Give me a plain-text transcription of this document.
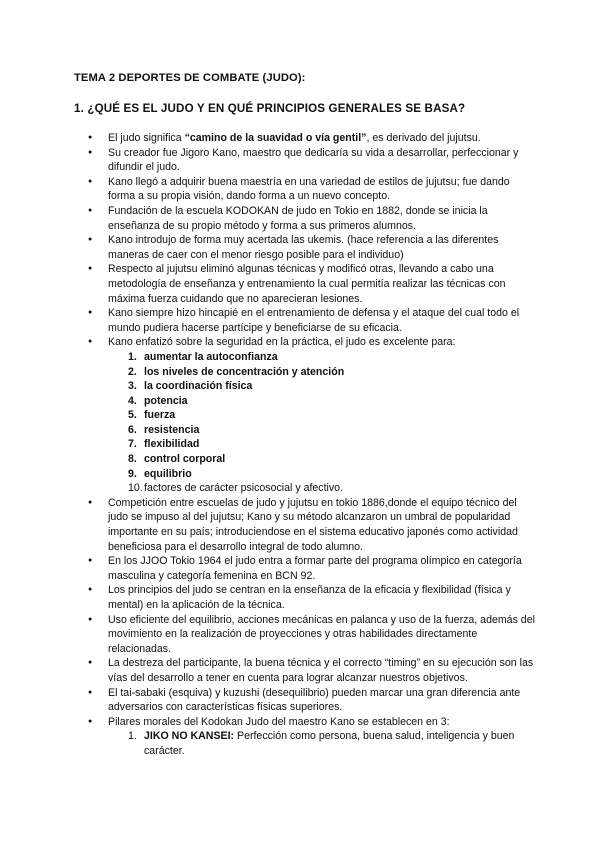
TEMA 2 DEPORTES DE COMBATE (JUDO):

1. ¿QUÉ ES EL JUDO Y EN QUÉ PRINCIPIOS GENERALES SE BASA?

● El judo significa “camino de la suavidad o vía gentil”, es derivado del jujutsu.
● Su creador fue Jigoro Kano, maestro que dedicaría su vida a desarrollar, perfeccionar y difundir el judo.
● Kano llegó a adquirir buena maestría en una variedad de estilos de jujutsu; fue dando forma a su propia visión, dando forma a un nuevo concepto.
● Fundación de la escuela KODOKAN de judo en Tokio en 1882, donde se inicia la enseñanza de su propio método y forma a sus primeros alumnos.
● Kano introdujo de forma muy acertada las ukemis. (hace referencia a las diferentes maneras de caer con el menor riesgo posible para el individuo)
● Respecto al jujutsu eliminó algunas técnicas y modificó otras, llevando a cabo una metodología de enseñanza y entrenamiento la cual permitía realizar las técnicas con máxima fuerza cuidando que no aparecieran lesiones.
● Kano siempre hizo hincapié en el entrenamiento de defensa y el ataque del cual todo el mundo pudiera hacerse partícipe y beneficiarse de su eficacia.
● Kano enfatizó sobre la seguridad en la práctica, el judo es excelente para:
1. aumentar la autoconfianza
2. los niveles de concentración y atención
3. la coordinación física
4. potencia
5. fuerza
6. resistencia
7. flexibilidad
8. control corporal
9. equilibrio
10. factores de carácter psicosocial y afectivo.
● Competición entre escuelas de judo y jujutsu en tokio 1886,donde el equipo técnico del judo se impuso al del jujutsu; Kano y su método alcanzaron un umbral de popularidad importante en su país; introduciendose en el sistema educativo japonés como actividad beneficiosa para el desarrollo integral de todo alumno.
● En los JJOO Tokio 1964 el judo entra a formar parte del programa olímpico en categoría masculina y categoría femenina en BCN 92.
● Los principios del judo se centran en la enseñanza de la eficacia y flexibilidad (física y mental) en la aplicación de la técnica.
● Uso eficiente del equilibrio, acciones mecánicas en palanca y uso de la fuerza, además del movimiento en la realización de proyecciones y otras habilidades directamente relacionadas.
● La destreza del participante, la buena técnica y el correcto “timing” en su ejecución son las vías del desarrollo a tener en cuenta para lograr alcanzar nuestros objetivos.
● El tai-sabaki (esquiva) y kuzushi (desequilibrio) pueden marcar una gran diferencia ante adversarios con características físicas superiores.
● Pilares morales del Kodokan Judo del maestro Kano se establecen en 3:
1. JIKO NO KANSEI: Perfección como persona, buena salud, inteligencia y buen carácter.
